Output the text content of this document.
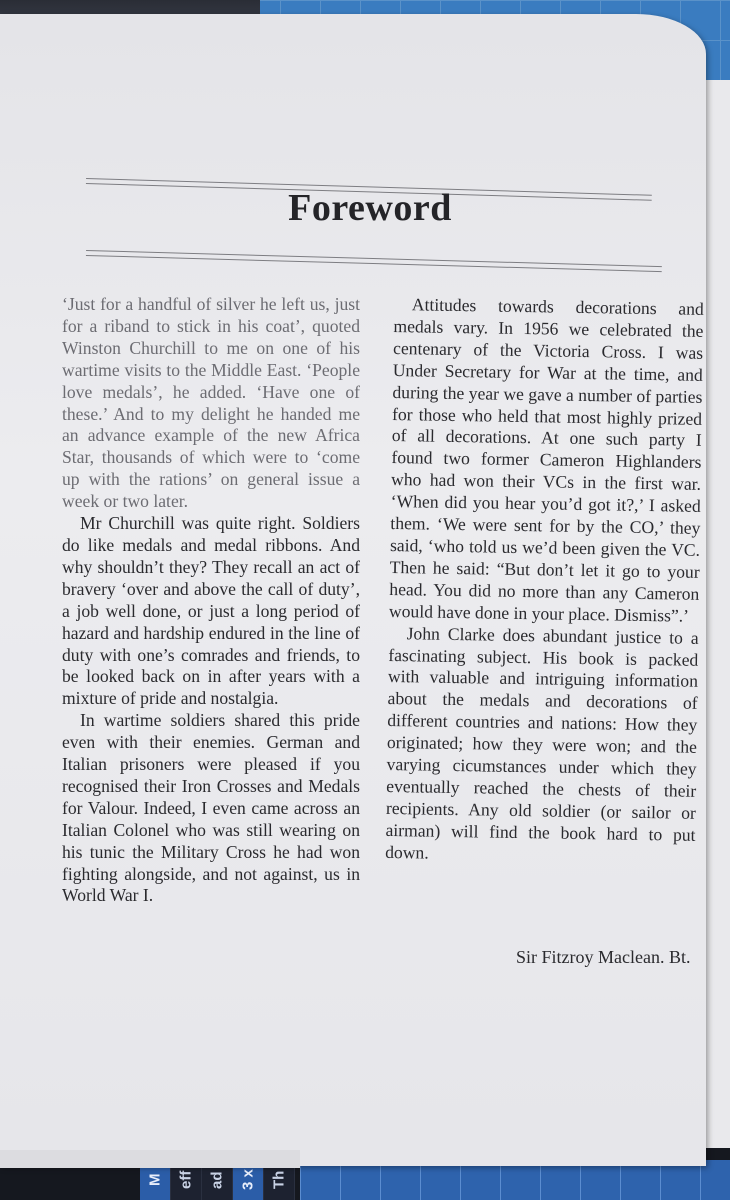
M eff ad 3 x Th
Foreword

‘Just for a handful of silver he left us, just for a riband to stick in his coat’, quoted Winston Churchill to me on one of his wartime visits to the Middle East. ‘People love medals’, he added. ‘Have one of these.’ And to my delight he handed me an advance example of the new Africa Star, thousands of which were to ‘come up with the rations’ on general issue a week or two later.

Mr Churchill was quite right. Soldiers do like medals and medal ribbons. And why shouldn’t they? They recall an act of bravery ‘over and above the call of duty’, a job well done, or just a long period of hazard and hardship endured in the line of duty with one’s comrades and friends, to be looked back on in after years with a mixture of pride and nostalgia.

In wartime soldiers shared this pride even with their enemies. German and Italian prisoners were pleased if you recognised their Iron Crosses and Medals for Valour. Indeed, I even came across an Italian Colonel who was still wearing on his tunic the Military Cross he had won fighting alongside, and not against, us in World War I.

Attitudes towards decorations and medals vary. In 1956 we celebrated the centenary of the Victoria Cross. I was Under Secretary for War at the time, and during the year we gave a number of parties for those who held that most highly prized of all decorations. At one such party I found two former Cameron Highlanders who had won their VCs in the first war. ‘When did you hear you’d got it?,’ I asked them. ‘We were sent for by the CO,’ they said, ‘who told us we’d been given the VC. Then he said: “But don’t let it go to your head. You did no more than any Cameron would have done in your place. Dismiss”.’

John Clarke does abundant justice to a fascinating subject. His book is packed with valuable and intriguing information about the medals and decorations of different countries and nations: How they originated; how they were won; and the varying cicumstances under which they eventually reached the chests of their recipients. Any old soldier (or sailor or airman) will find the book hard to put down.

Sir Fitzroy Maclean. Bt.
